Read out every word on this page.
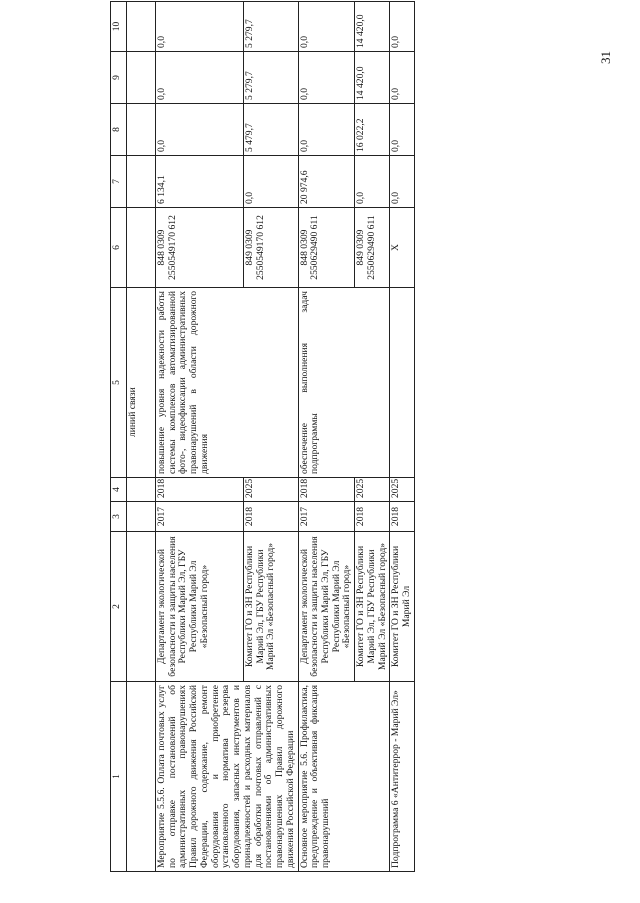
31
1	2	3	4	5	6	7	8	9	10
				линий связи					
Мероприятие 5.5.6. Оплата почтовых услуг по отправке постановлений об административных правонарушениях Правил дорожного движения Российской Федерации, содержание, ремонт оборудования и приобретение установленного норматива резерва оборудования, запасных инструментов и принадлежностей и расходных материалов для обработки почтовых отправлений с постановлениями об административных правонарушениях Правил дорожного движения Российской Федерации	Департамент экологической безопасности и защиты населения Республики Марий Эл, ГБУ Республики Марий Эл «Безопасный город»	2017	2018	повышение уровня надежности работы системы комплексов автоматизированной фото-, видеофиксации административных правонарушений в области дорожного движения	848 0309 2550549170 612	6 134,1	0,0	0,0	0,0
	Комитет ГО и ЗН Республики Марий Эл, ГБУ Республики Марий Эл «Безопасный город»	2018	2025		849 0309 2550549170 612	0,0	5 479,7	5 279,7	5 279,7
Основное мероприятие 5.6. Профилактика, предупреждение и объективная фиксация правонарушений	Департамент экологической безопасности и защиты населения Республики Марий Эл, ГБУ Республики Марий Эл «Безопасный город»	2017	2018	обеспечение выполнения задач подпрограммы	848 0309 2550629490 611	20 974,6	0,0	0,0	0,0
	Комитет ГО и ЗН Республики Марий Эл, ГБУ Республики Марий Эл «Безопасный город»	2018	2025		849 0309 2550629490 611	0,0	16 022,2	14 420,0	14 420,0
Подпрограмма 6 «Антитеррор - Марий Эл»	Комитет ГО и ЗН Республики Марий Эл	2018	2025		X	0,0	0,0	0,0	0,0
